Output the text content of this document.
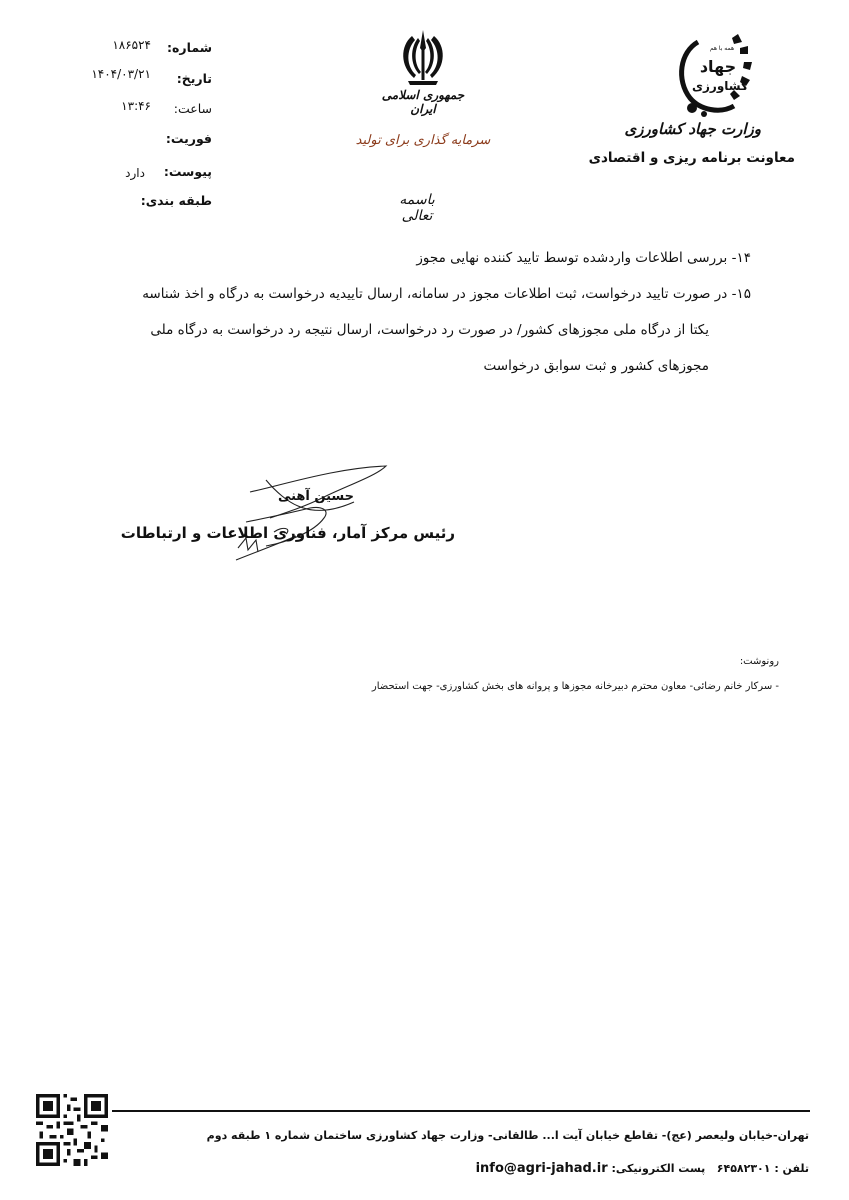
شماره:
۱۸۶۵۲۴
تاریخ:
۱۴۰۴/۰۳/۲۱
ساعت:
۱۳:۴۶
فوریت:
پیوست:
دارد
طبقه بندی:
جمهوری اسلامی ایران
سرمایه گذاری برای تولید
باسمه تعالی
همه با هم
جهاد
کشاورزی
وزارت جهاد کشاورزی
معاونت برنامه ریزی و اقتصادی
۱۴- بررسی اطلاعات واردشده توسط تایید کننده نهایی مجوز
۱۵- در صورت تایید درخواست، ثبت اطلاعات مجوز در سامانه، ارسال تاییدیه درخواست به درگاه و اخذ شناسه
یکتا از درگاه ملی مجوزهای کشور/ در صورت رد درخواست، ارسال نتیجه رد درخواست به درگاه ملی
مجوزهای کشور و ثبت سوابق درخواست
حسین آهنی
رئیس مرکز آمار، فناوری اطلاعات و ارتباطات
رونوشت:
- سرکار خانم رضائی- معاون محترم دبیرخانه مجوزها و پروانه های بخش کشاورزی- جهت استحضار
تهران-خیابان ولیعصر (عج)- تقاطع خیابان آیت ا... طالقانی- وزارت جهاد کشاورزی ساختمان شماره ۱ طبقه دوم
تلفن : ۶۴۵۸۲۳۰۱   پست الکترونیکی: info@agri-jahad.ir
